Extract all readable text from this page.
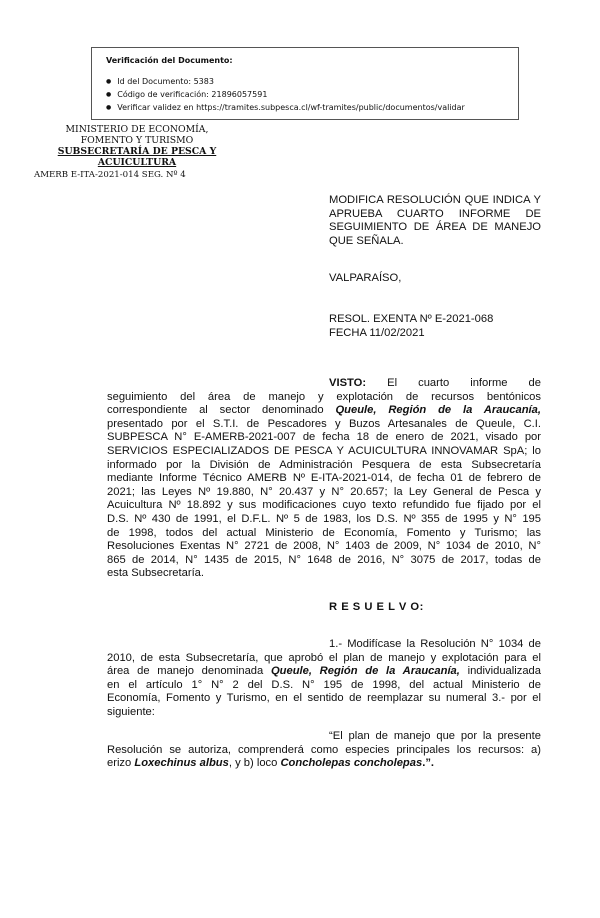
Verificación del Documento:
● Id del Documento: 5383
● Código de verificación: 21896057591
● Verificar validez en https://tramites.subpesca.cl/wf-tramites/public/documentos/validar
MINISTERIO DE ECONOMÍA,
FOMENTO Y TURISMO
SUBSECRETARÍA DE PESCA Y
ACUICULTURA
AMERB E-ITA-2021-014 SEG. Nº 4
MODIFICA RESOLUCIÓN QUE INDICA Y
APRUEBA CUARTO INFORME DE
SEGUIMIENTO DE ÁREA DE MANEJO
QUE SEÑALA.
VALPARAÍSO,
RESOL. EXENTA Nº E-2021-068
FECHA 11/02/2021
VISTO: El cuarto informe de
seguimiento del área de manejo y explotación de recursos bentónicos
correspondiente al sector denominado Queule, Región de la Araucanía,
presentado por el S.T.I. de Pescadores y Buzos Artesanales de Queule, C.I.
SUBPESCA N° E-AMERB-2021-007 de fecha 18 de enero de 2021, visado por
SERVICIOS ESPECIALIZADOS DE PESCA Y ACUICULTURA INNOVAMAR SpA; lo
informado por la División de Administración Pesquera de esta Subsecretaría
mediante Informe Técnico AMERB Nº E-ITA-2021-014, de fecha 01 de febrero de
2021; las Leyes Nº 19.880, N° 20.437 y N° 20.657; la Ley General de Pesca y
Acuicultura Nº 18.892 y sus modificaciones cuyo texto refundido fue fijado por el
D.S. Nº 430 de 1991, el D.F.L. Nº 5 de 1983, los D.S. Nº 355 de 1995 y N° 195
de 1998, todos del actual Ministerio de Economía, Fomento y Turismo; las
Resoluciones Exentas N° 2721 de 2008, N° 1403 de 2009, N° 1034 de 2010, N°
865 de 2014, N° 1435 de 2015, N° 1648 de 2016, N° 3075 de 2017, todas de
esta Subsecretaría.
R E S U E L V O:
1.- Modifícase la Resolución N° 1034 de
2010, de esta Subsecretaría, que aprobó el plan de manejo y explotación para el
área de manejo denominada Queule, Región de la Araucanía, individualizada
en el artículo 1° N° 2 del D.S. N° 195 de 1998, del actual Ministerio de
Economía, Fomento y Turismo, en el sentido de reemplazar su numeral 3.- por el
siguiente:
“El plan de manejo que por la presente
Resolución se autoriza, comprenderá como especies principales los recursos: a)
erizo Loxechinus albus, y b) loco Concholepas concholepas.”.
